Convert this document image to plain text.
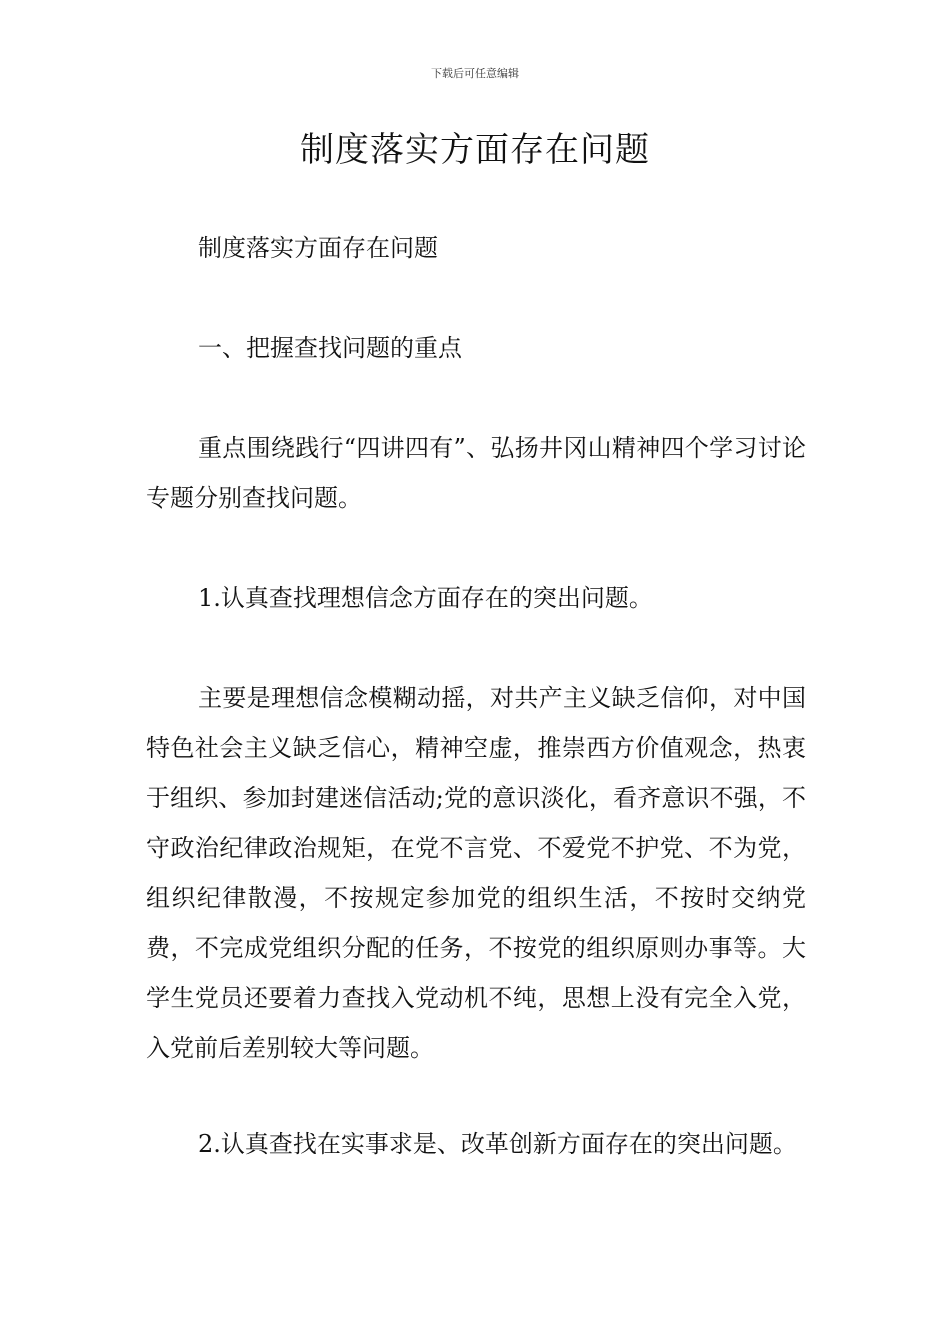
下载后可任意编辑
制度落实方面存在问题

制度落实方面存在问题

一、把握查找问题的重点

重点围绕践行“四讲四有”、弘扬井冈山精神四个学习讨论专题分别查找问题。

1.认真查找理想信念方面存在的突出问题。

主要是理想信念模糊动摇，对共产主义缺乏信仰，对中国特色社会主义缺乏信心，精神空虚，推崇西方价值观念，热衷于组织、参加封建迷信活动;党的意识淡化，看齐意识不强，不守政治纪律政治规矩，在党不言党、不爱党不护党、不为党，组织纪律散漫，不按规定参加党的组织生活，不按时交纳党费，不完成党组织分配的任务，不按党的组织原则办事等。大学生党员还要着力查找入党动机不纯，思想上没有完全入党，入党前后差别较大等问题。

2.认真查找在实事求是、改革创新方面存在的突出问题。
